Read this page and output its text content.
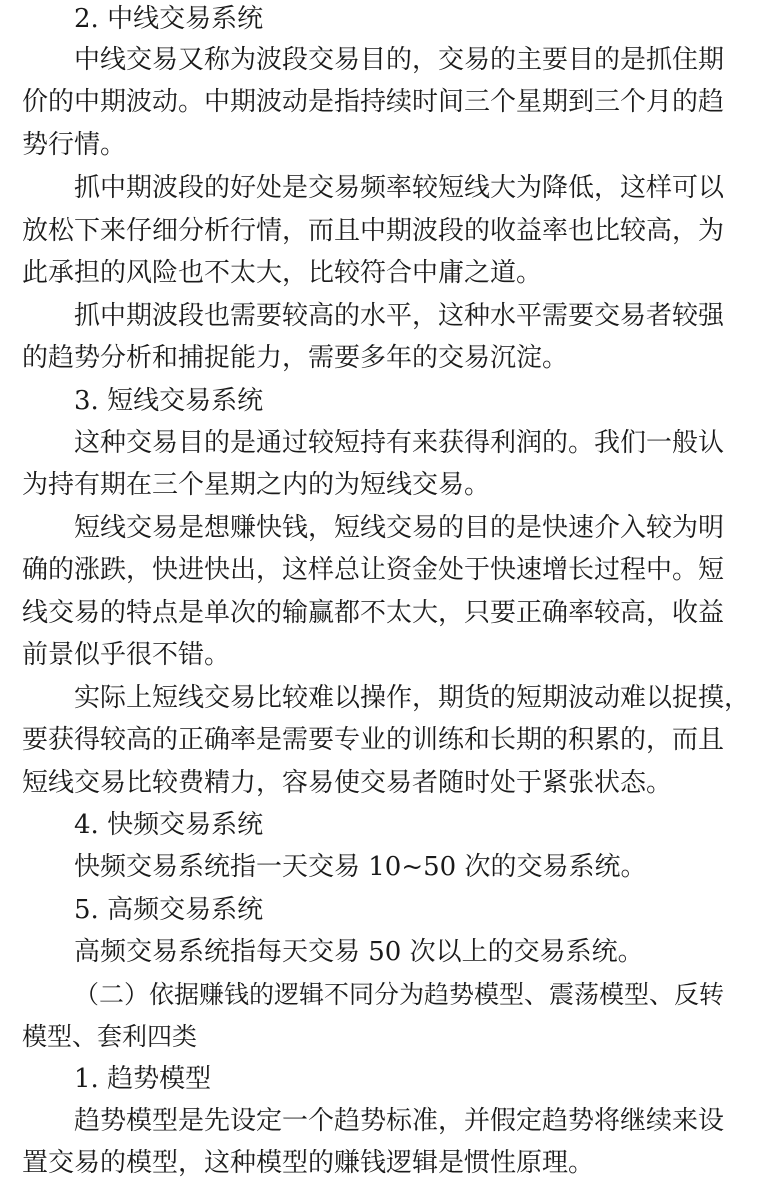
2. 中线交易系统
中线交易又称为波段交易目的，交易的主要目的是抓住期
价的中期波动。中期波动是指持续时间三个星期到三个月的趋
势行情。
抓中期波段的好处是交易频率较短线大为降低，这样可以
放松下来仔细分析行情，而且中期波段的收益率也比较高，为
此承担的风险也不太大，比较符合中庸之道。
抓中期波段也需要较高的水平，这种水平需要交易者较强
的趋势分析和捕捉能力，需要多年的交易沉淀。
3. 短线交易系统
这种交易目的是通过较短持有来获得利润的。我们一般认
为持有期在三个星期之内的为短线交易。
短线交易是想赚快钱，短线交易的目的是快速介入较为明
确的涨跌，快进快出，这样总让资金处于快速增长过程中。短
线交易的特点是单次的输赢都不太大，只要正确率较高，收益
前景似乎很不错。
实际上短线交易比较难以操作，期货的短期波动难以捉摸，
要获得较高的正确率是需要专业的训练和长期的积累的，而且
短线交易比较费精力，容易使交易者随时处于紧张状态。
4. 快频交易系统
快频交易系统指一天交易 10~50 次的交易系统。
5. 高频交易系统
高频交易系统指每天交易 50 次以上的交易系统。
（二）依据赚钱的逻辑不同分为趋势模型、震荡模型、反转
模型、套利四类
1. 趋势模型
趋势模型是先设定一个趋势标准，并假定趋势将继续来设
置交易的模型，这种模型的赚钱逻辑是惯性原理。
